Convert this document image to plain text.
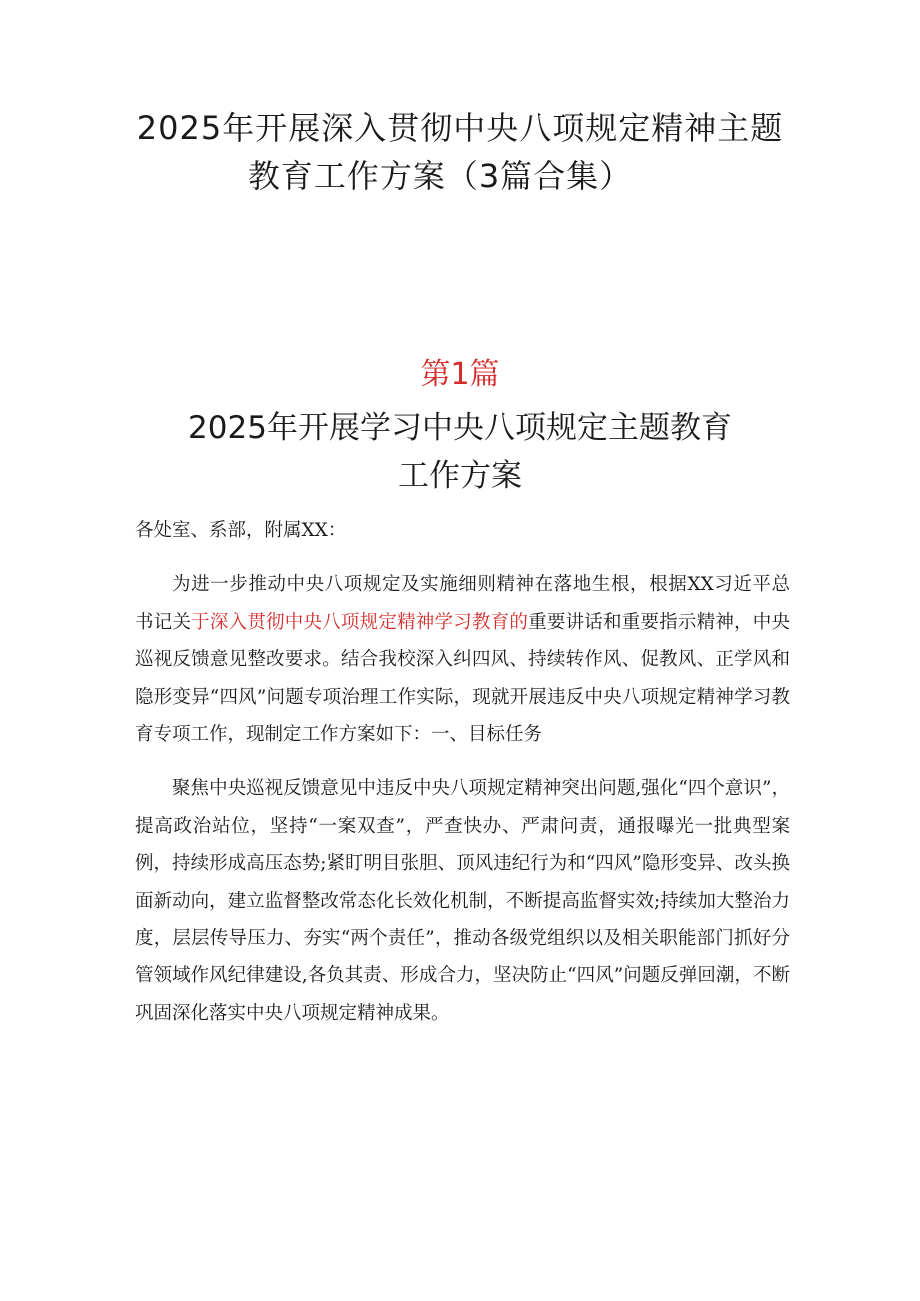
2025年开展深入贯彻中央八项规定精神主题
教育工作方案（3篇合集）
第1篇
2025年开展学习中央八项规定主题教育
工作方案

各处室、系部，附属XX：

为进一步推动中央八项规定及实施细则精神在落地生根，根据XX习近平总书记关于深入贯彻中央八项规定精神学习教育的重要讲话和重要指示精神，中央巡视反馈意见整改要求。结合我校深入纠四风、持续转作风、促教风、正学风和隐形变异“四风”问题专项治理工作实际，现就开展违反中央八项规定精神学习教育专项工作，现制定工作方案如下：一、目标任务

聚焦中央巡视反馈意见中违反中央八项规定精神突出问题,强化“四个意识”，提高政治站位，坚持“一案双查”，严查快办、严肃问责，通报曝光一批典型案例，持续形成高压态势;紧盯明目张胆、顶风违纪行为和“四风”隐形变异、改头换面新动向，建立监督整改常态化长效化机制，不断提高监督实效;持续加大整治力度，层层传导压力、夯实“两个责任”，推动各级党组织以及相关职能部门抓好分管领域作风纪律建设,各负其责、形成合力，坚决防止“四风”问题反弹回潮，不断巩固深化落实中央八项规定精神成果。
